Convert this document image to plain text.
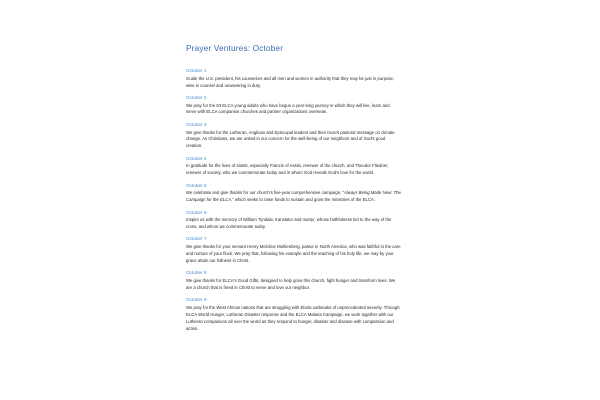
Prayer Ventures: October
October 1

Guide the U.S. president, his counselors and all men and women in authority that they may be just in purpose, wise in counsel and unwavering in duty.

October 2

We pray for the 63 ELCA young adults who have begun a year-long journey in which they will live, learn and serve with ELCA companion churches and partner organizations overseas.

October 3

We give thanks for the Lutheran, Anglican and Episcopal leaders and their recent pastoral message on climate change. As Christians, we are united in our concern for the well-being of our neighbors and of God's good creation.

October 4

In gratitude for the lives of saints, especially Francis of Assisi, renewer of the church, and Theodor Fliedner, renewer of society, who we commemorate today and in whom God reveals God's love for the world.

October 5

We celebrate and give thanks for our church's five-year comprehensive campaign, “Always Being Made New: The Campaign for the ELCA,” which seeks to raise funds to sustain and grow the ministries of the ELCA.

October 6

Inspire us with the memory of William Tyndale, translator and martyr, whose faithfulness led to the way of the cross, and whom we commemorate today.

October 7

We give thanks for your servant Henry Melchior Muhlenberg, pastor in North America, who was faithful in the care and nurture of your flock. We pray that, following his example and the teaching of his holy life, we may by your grace attain our fullness in Christ.

October 8

We give thanks for ELCA's Good Gifts, designed to help grow this church, fight hunger and transform lives. We are a church that is freed in Christ to serve and love our neighbor.

October 9

We pray for the West African nations that are struggling with Ebola outbreaks of unprecedented severity. Through ELCA World Hunger, Lutheran Disaster response and the ELCA Malaria Campaign, we work together with our Lutheran companions all over the world as they respond to hunger, disaster and disease with compassion and action.
